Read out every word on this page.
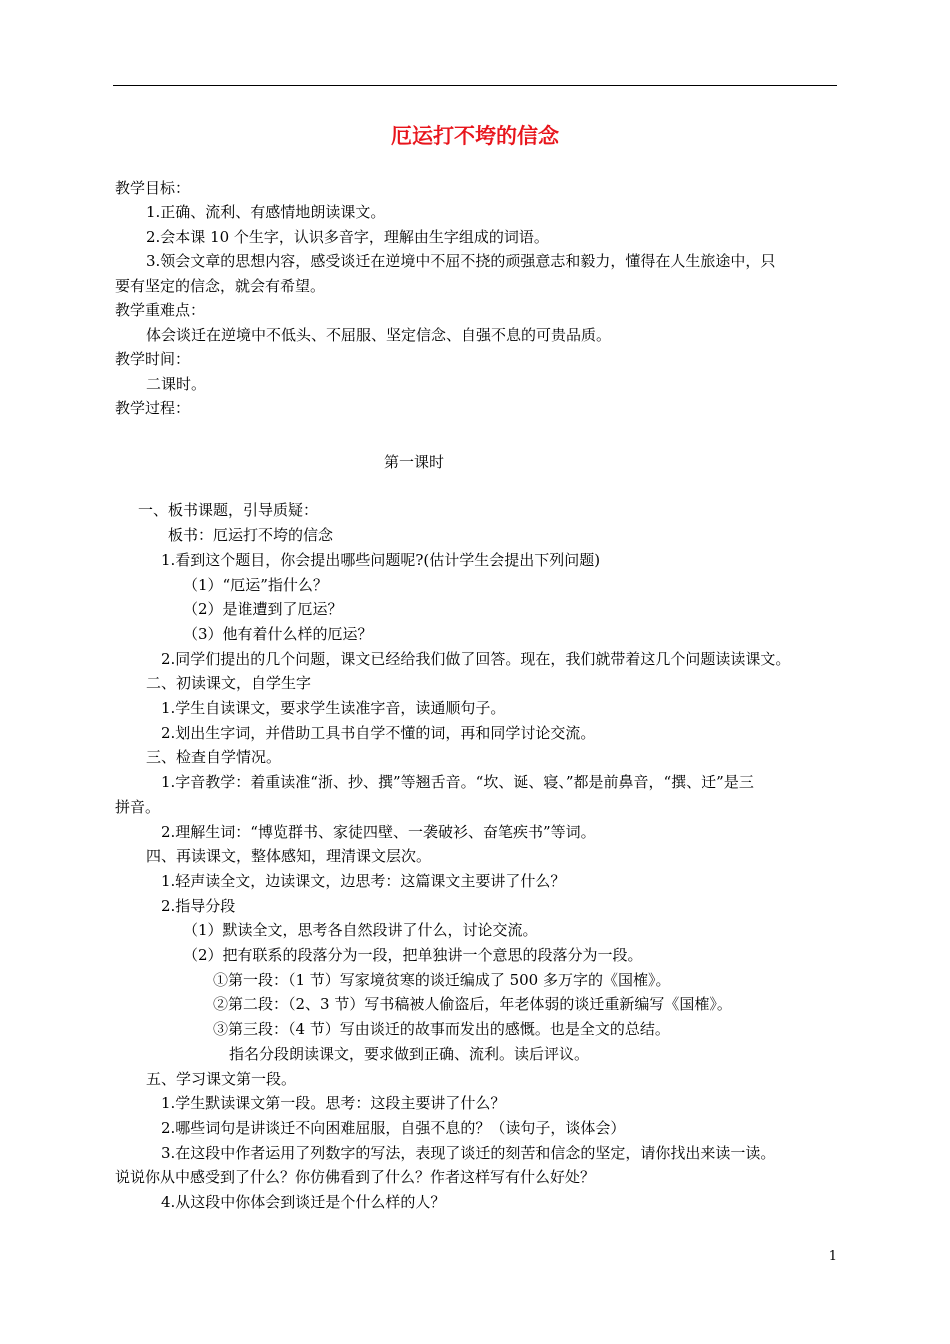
厄运打不垮的信念
教学目标：
1.正确、流利、有感情地朗读课文。
2.会本课 10 个生字，认识多音字，理解由生字组成的词语。
3.领会文章的思想内容，感受谈迁在逆境中不屈不挠的顽强意志和毅力，懂得在人生旅途中，只
要有坚定的信念，就会有希望。
教学重难点：
体会谈迁在逆境中不低头、不屈服、坚定信念、自强不息的可贵品质。
教学时间：
二课时。
教学过程：
第一课时
一、板书课题，引导质疑：
板书：厄运打不垮的信念
1.看到这个题目，你会提出哪些问题呢?(估计学生会提出下列问题)
（1）“厄运”指什么？
（2）是谁遭到了厄运？
（3）他有着什么样的厄运？
2.同学们提出的几个问题，课文已经给我们做了回答。现在，我们就带着这几个问题读读课文。
二、初读课文，自学生字
1.学生自读课文，要求学生读准字音，读通顺句子。
2.划出生字词，并借助工具书自学不懂的词，再和同学讨论交流。
三、检查自学情况。
1.字音教学：着重读准“浙、抄、撰”等翘舌音。“坎、诞、寝、”都是前鼻音，“撰、迁”是三
拼音。
2.理解生词：“博览群书、家徒四壁、一袭破衫、奋笔疾书”等词。
四、再读课文，整体感知，理清课文层次。
1.轻声读全文，边读课文，边思考：这篇课文主要讲了什么？
2.指导分段
（1）默读全文，思考各自然段讲了什么，讨论交流。
（2）把有联系的段落分为一段，把单独讲一个意思的段落分为一段。
①第一段：（1 节）写家境贫寒的谈迁编成了 500 多万字的《国榷》。
②第二段：（2、3 节）写书稿被人偷盗后，年老体弱的谈迁重新编写《国榷》。
③第三段：（4 节）写由谈迁的故事而发出的感慨。也是全文的总结。
指名分段朗读课文，要求做到正确、流利。读后评议。
五、学习课文第一段。
1.学生默读课文第一段。思考：这段主要讲了什么？
2.哪些词句是讲谈迁不向困难屈服，自强不息的？（读句子，谈体会）
3.在这段中作者运用了列数字的写法，表现了谈迁的刻苦和信念的坚定，请你找出来读一读。
说说你从中感受到了什么？你仿佛看到了什么？作者这样写有什么好处？
4.从这段中你体会到谈迁是个什么样的人？
1
